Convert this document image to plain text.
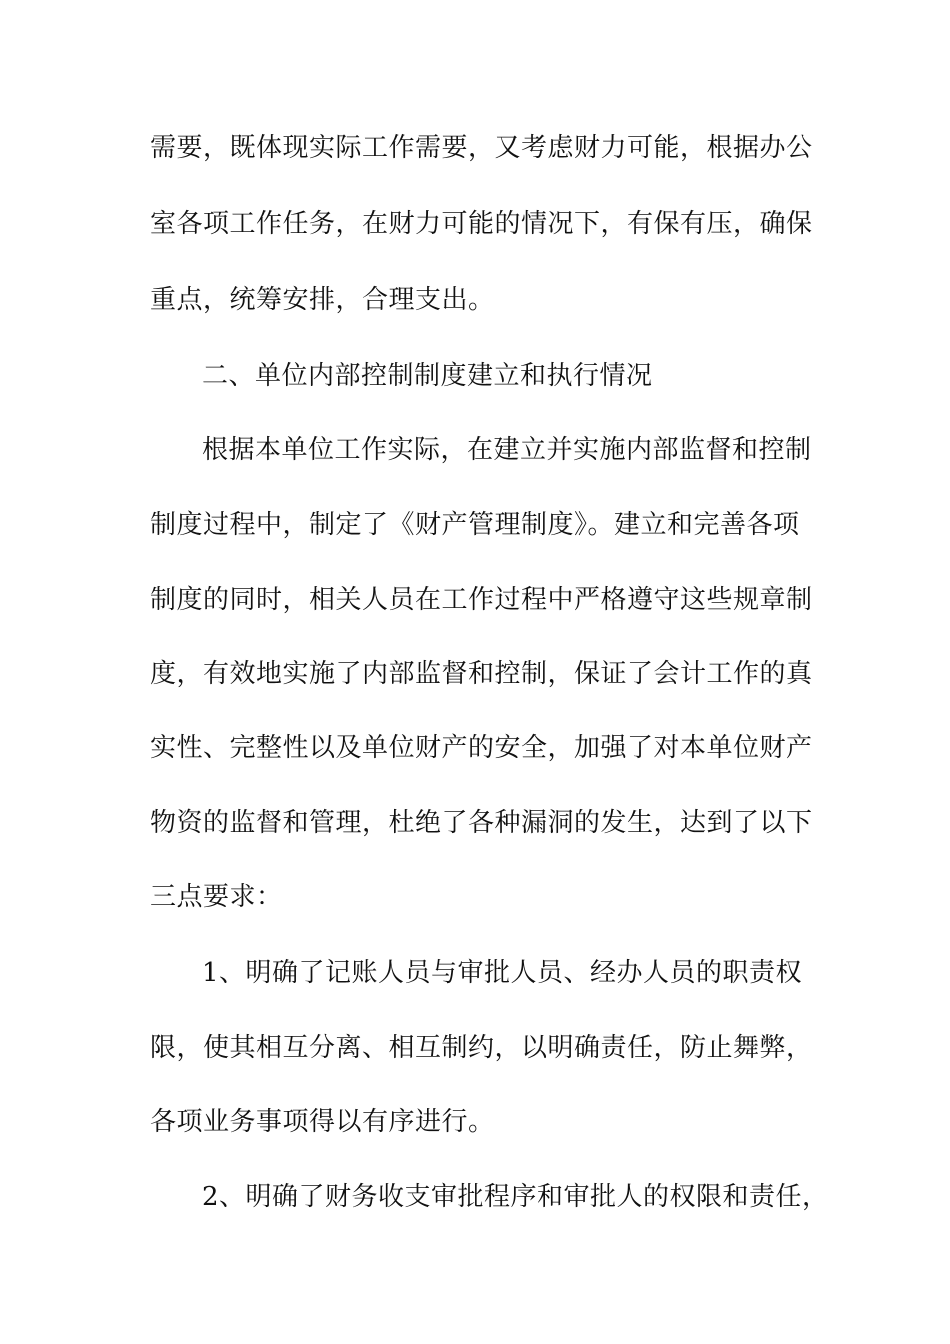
需要，既体现实际工作需要，又考虑财力可能，根据办公
室各项工作任务，在财力可能的情况下，有保有压，确保
重点，统筹安排，合理支出。
二、单位内部控制制度建立和执行情况
根据本单位工作实际，在建立并实施内部监督和控制
制度过程中，制定了《财产管理制度》。建立和完善各项
制度的同时，相关人员在工作过程中严格遵守这些规章制
度，有效地实施了内部监督和控制，保证了会计工作的真
实性、完整性以及单位财产的安全，加强了对本单位财产
物资的监督和管理，杜绝了各种漏洞的发生，达到了以下
三点要求：
1、明确了记账人员与审批人员、经办人员的职责权
限，使其相互分离、相互制约，以明确责任，防止舞弊，
各项业务事项得以有序进行。
2、明确了财务收支审批程序和审批人的权限和责任，
